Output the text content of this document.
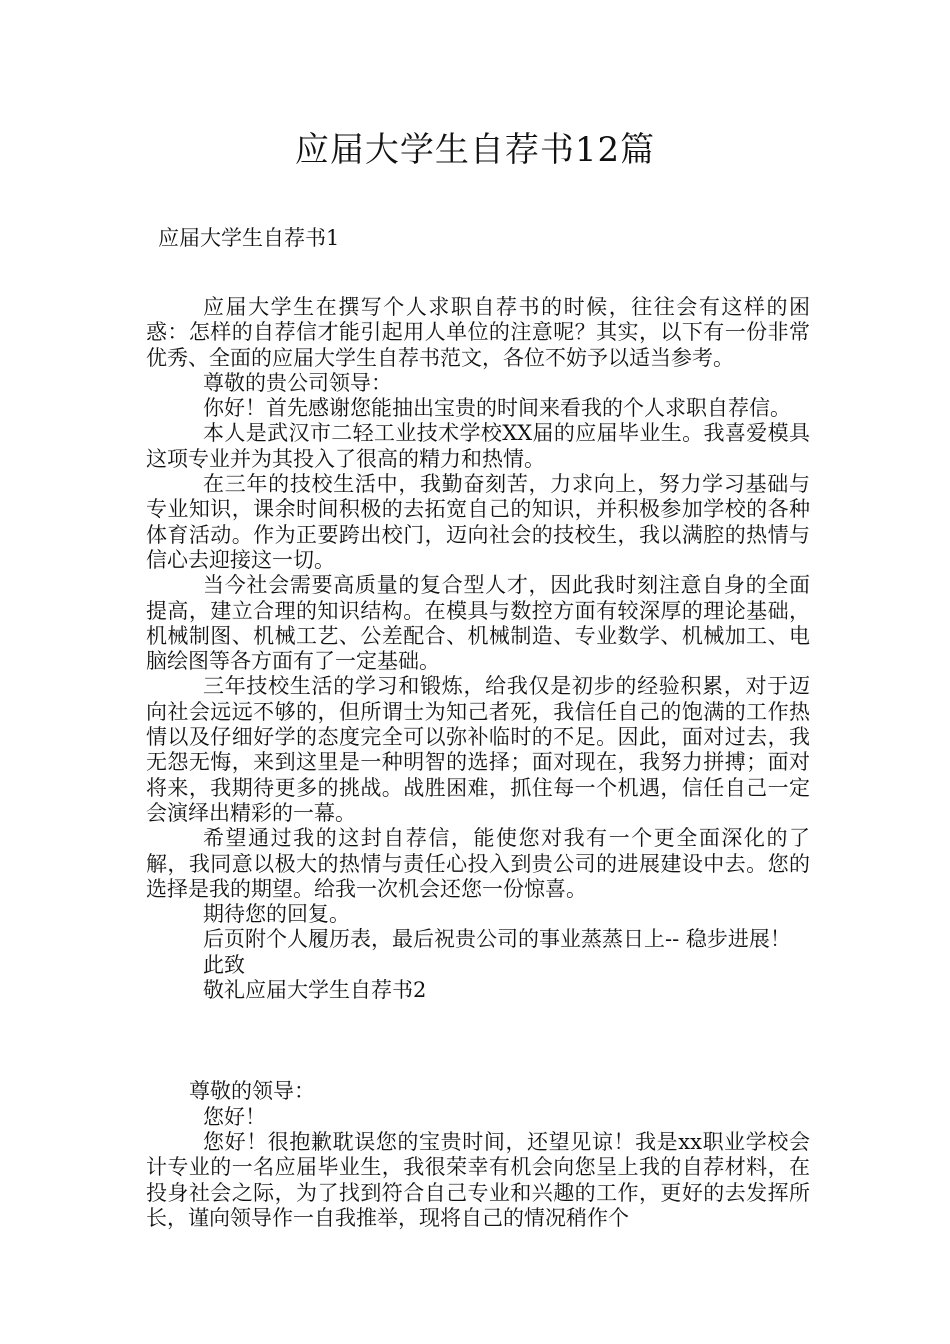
应届大学生自荐书12篇
应届大学生自荐书1

应届大学生在撰写个人求职自荐书的时候，往往会有这样的困惑：怎样的自荐信才能引起用人单位的注意呢？其实，以下有一份非常优秀、全面的应届大学生自荐书范文，各位不妨予以适当参考。

尊敬的贵公司领导：

你好！首先感谢您能抽出宝贵的时间来看我的个人求职自荐信。

本人是武汉市二轻工业技术学校XX届的应届毕业生。我喜爱模具这项专业并为其投入了很高的精力和热情。

在三年的技校生活中，我勤奋刻苦，力求向上，努力学习基础与专业知识，课余时间积极的去拓宽自己的知识，并积极参加学校的各种体育活动。作为正要跨出校门，迈向社会的技校生，我以满腔的热情与信心去迎接这一切。

当今社会需要高质量的复合型人才，因此我时刻注意自身的全面提高，建立合理的知识结构。在模具与数控方面有较深厚的理论基础，机械制图、机械工艺、公差配合、机械制造、专业数学、机械加工、电脑绘图等各方面有了一定基础。

三年技校生活的学习和锻炼，给我仅是初步的经验积累，对于迈向社会远远不够的，但所谓士为知己者死，我信任自己的饱满的工作热情以及仔细好学的态度完全可以弥补临时的不足。因此，面对过去，我无怨无悔，来到这里是一种明智的选择；面对现在，我努力拼搏；面对将来，我期待更多的挑战。战胜困难，抓住每一个机遇，信任自己一定会演绎出精彩的一幕。

希望通过我的这封自荐信，能使您对我有一个更全面深化的了解，我同意以极大的热情与责任心投入到贵公司的进展建设中去。您的选择是我的期望。给我一次机会还您一份惊喜。

期待您的回复。

后页附个人履历表，最后祝贵公司的事业蒸蒸日上-- 稳步进展！

此致

敬礼应届大学生自荐书2

尊敬的领导：

您好！

您好！很抱歉耽误您的宝贵时间，还望见谅！我是xx职业学校会计专业的一名应届毕业生，我很荣幸有机会向您呈上我的自荐材料，在投身社会之际，为了找到符合自己专业和兴趣的工作，更好的去发挥所长，谨向领导作一自我推举，现将自己的情况稍作个
